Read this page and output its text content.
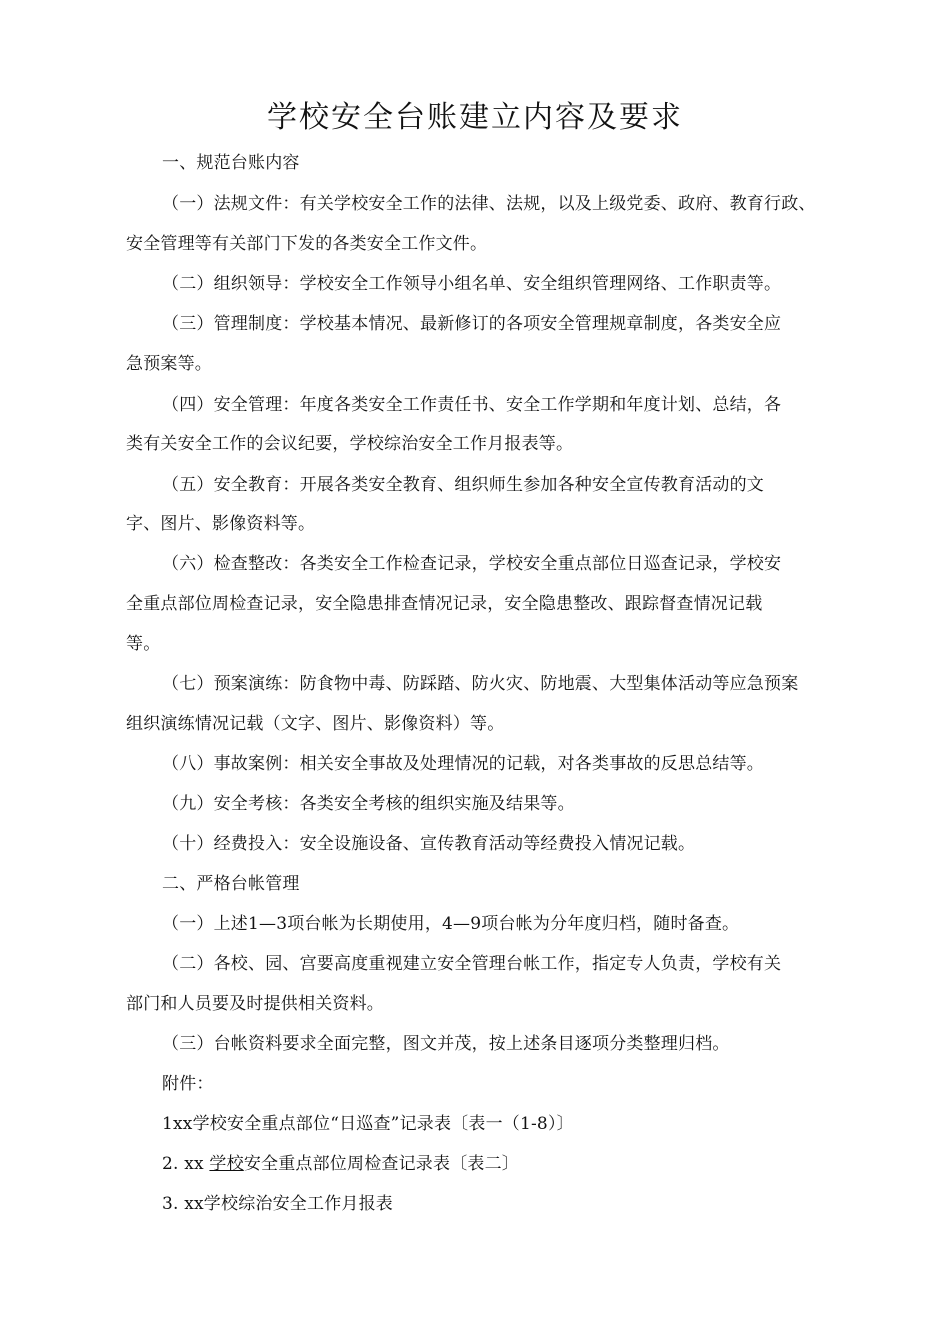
学校安全台账建立内容及要求
一、规范台账内容
（一）法规文件：有关学校安全工作的法律、法规，以及上级党委、政府、教育行政、
安全管理等有关部门下发的各类安全工作文件。
（二）组织领导：学校安全工作领导小组名单、安全组织管理网络、工作职责等。
（三）管理制度：学校基本情况、最新修订的各项安全管理规章制度，各类安全应
急预案等。
（四）安全管理：年度各类安全工作责任书、安全工作学期和年度计划、总结，各
类有关安全工作的会议纪要，学校综治安全工作月报表等。
（五）安全教育：开展各类安全教育、组织师生参加各种安全宣传教育活动的文
字、图片、影像资料等。
（六）检查整改：各类安全工作检查记录，学校安全重点部位日巡查记录，学校安
全重点部位周检查记录，安全隐患排查情况记录，安全隐患整改、跟踪督查情况记载
等。
（七）预案演练：防食物中毒、防踩踏、防火灾、防地震、大型集体活动等应急预案
组织演练情况记载（文字、图片、影像资料）等。
（八）事故案例：相关安全事故及处理情况的记载，对各类事故的反思总结等。
（九）安全考核：各类安全考核的组织实施及结果等。
（十）经费投入：安全设施设备、宣传教育活动等经费投入情况记载。
二、严格台帐管理
（一）上述1—3项台帐为长期使用，4—9项台帐为分年度归档，随时备查。
（二）各校、园、宫要高度重视建立安全管理台帐工作，指定专人负责，学校有关
部门和人员要及时提供相关资料。
（三）台帐资料要求全面完整，图文并茂，按上述条目逐项分类整理归档。
附件：
1xx学校安全重点部位“日巡查”记录表〔表一（1-8）〕
2. xx 学校安全重点部位周检查记录表〔表二〕
3. xx学校综治安全工作月报表
